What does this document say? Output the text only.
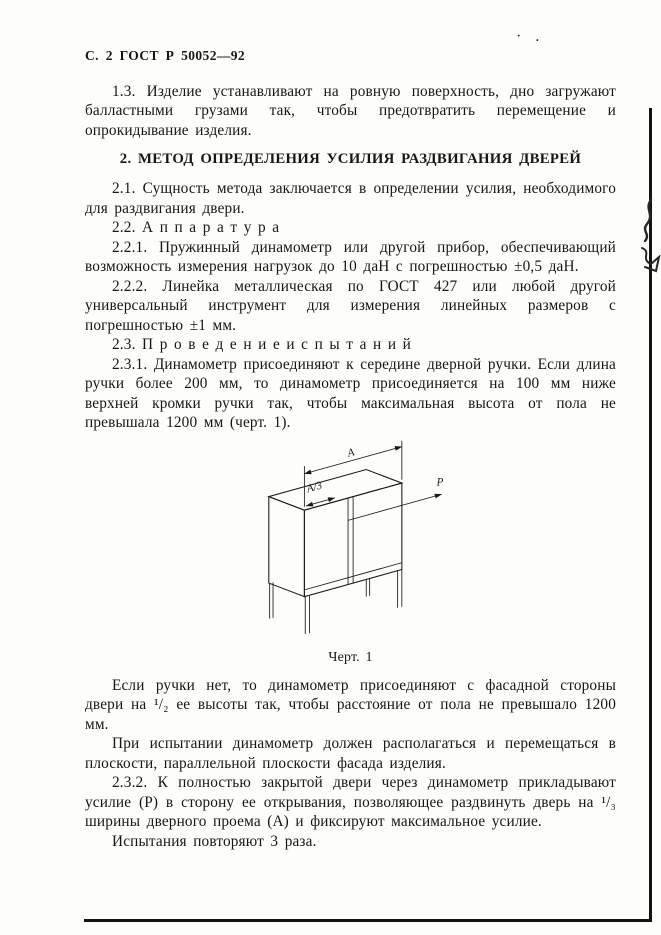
С. 2 ГОСТ Р 50052—92

1.3. Изделие устанавливают на ровную поверхность, дно загружают балластными грузами так, чтобы предотвратить перемещение и опрокидывание изделия.

2. МЕТОД ОПРЕДЕЛЕНИЯ УСИЛИЯ РАЗДВИГАНИЯ ДВЕРЕЙ

2.1. Сущность метода заключается в определении усилия, необходимого для раздвигания двери.

2.2. А п п а р а т у р а

2.2.1. Пружинный динамометр или другой прибор, обеспечивающий возможность измерения нагрузок до 10 даН с погрешностью ±0,5 даН.

2.2.2. Линейка металлическая по ГОСТ 427 или любой другой универсальный инструмент для измерения линейных размеров с погрешностью ±1 мм.

2.3. П р о в е д е н и е и с п ы т а н и й

2.3.1. Динамометр присоединяют к середине дверной ручки. Если длина ручки более 200 мм, то динамометр присоединяется на 100 мм ниже верхней кромки ручки так, чтобы максимальная высота от пола не превышала 1200 мм (черт. 1).

А
А/3	Р
Черт. 1

Если ручки нет, то динамометр присоединяют с фасадной стороны двери на ¹/₂ ее высоты так, чтобы расстояние от пола не превышало 1200 мм.

При испытании динамометр должен располагаться и перемещаться в плоскости, параллельной плоскости фасада изделия.

2.3.2. К полностью закрытой двери через динамометр прикладывают усилие (Р) в сторону ее открывания, позволяющее раздвинуть дверь на ¹/₃ ширины дверного проема (А) и фиксируют максимальное усилие.

Испытания повторяют 3 раза.

·.
